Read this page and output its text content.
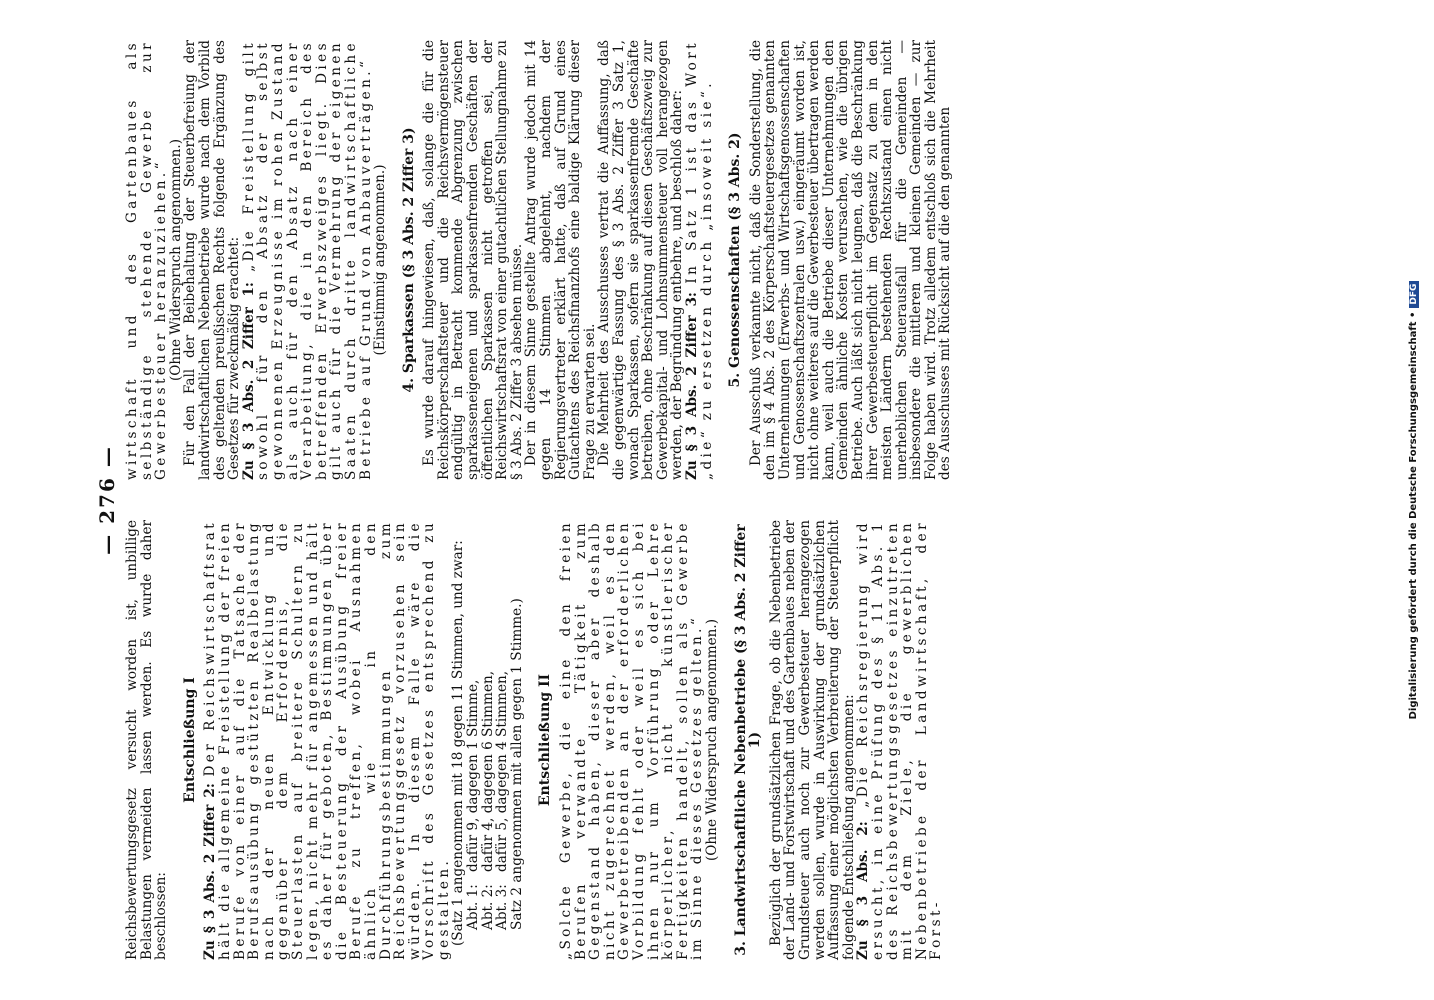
— 276 —

Reichsbewertungsgesetz versucht worden ist, unbillige Belastungen vermeiden lassen werden. Es wurde daher beschlossen:

Entschließung I

Zu § 3 Abs. 2 Ziffer 2: Der Reichswirtschaftsrat hält die allgemeine Freistellung der freien Berufe von einer auf die Tatsache der Berufsausübung gestützten Realbelastung nach der neuen Entwicklung und gegenüber dem Erfordernis, die Steuerlasten auf breitere Schultern zu legen, nicht mehr für angemessen und hält es daher für geboten, Bestimmungen über die Besteuerung der Ausübung freier Berufe zu treffen, wobei Ausnahmen ähnlich wie in den Durchführungsbestimmungen zum Reichsbewertungsgesetz vorzusehen sein würden. In diesem Falle wäre die Vorschrift des Gesetzes entsprechend zu gestalten.

(Satz 1 angenommen mit 18 gegen 11 Stimmen, und zwar:

Abt. 1:
dafür 9, dagegen 1 Stimme,
Abt. 2:
dafür 4, dagegen 6 Stimmen,
Abt. 3:
dafür 5, dagegen 4 Stimmen,
Satz 2 angenommen mit allen gegen 1 Stimme.) Entschließung II „Solche Gewerbe, die eine den freien Berufen verwandte Tätigkeit zum Gegenstand haben, dieser aber deshalb nicht zugerechnet werden, weil es den Gewerbetreibenden an der erforderlichen Vorbildung fehlt oder weil es sich bei ihnen nur um Vorführung oder Lehre körperlicher, nicht künstlerischer Fertigkeiten handelt, sollen als Gewerbe im Sinne dieses Gesetzes gelten.“

(Ohne Widerspruch angenommen.) 3. Landwirtschaftliche Nebenbetriebe (§ 3 Abs. 2 Ziffer 1) Bezüglich der grundsätzlichen Frage, ob die Nebenbetriebe der Land- und Forstwirtschaft und des Gartenbaues neben der Grundsteuer auch noch zur Gewerbesteuer herangezogen werden sollen, wurde in Auswirkung der grundsätzlichen Auffassung einer möglichsten Verbreiterung der Steuerpflicht folgende Entschließung angenommen:

Zu § 3 Abs. 2: „Die Reichsregierung wird ersucht, in eine Prüfung des § 11 Abs. 1 des Reichsbewertungsgesetzes einzutreten mit dem Ziele, die gewerblichen Nebenbetriebe der Landwirtschaft, der Forst-

wirtschaft und des Gartenbaues als selbständige stehende Gewerbe zur Gewerbesteuer heranzuziehen.“

(Ohne Widerspruch angenommen.)

Für den Fall der Beibehaltung der Steuerbefreiung der landwirtschaftlichen Nebenbetriebe wurde nach dem Vorbild des geltenden preußischen Rechts folgende Ergänzung des Gesetzes für zweckmäßig erachtet:

Zu § 3 Abs. 2 Ziffer 1: „Die Freistellung gilt sowohl für den Absatz der selbst gewonnenen Erzeugnisse im rohen Zustand als auch für den Absatz nach einer Verarbeitung, die in den Bereich des betreffenden Erwerbszweiges liegt. Dies gilt auch für die Vermehrung der eigenen Saaten durch dritte landwirtschaftliche Betriebe auf Grund von Anbauverträgen.“

(Einstimmig angenommen.) 4. Sparkassen (§ 3 Abs. 2 Ziffer 3) Es wurde darauf hingewiesen, daß, solange die für die Reichskörperschaftsteuer und die Reichsvermögensteuer endgültig in Betracht kommende Abgrenzung zwischen sparkasseneigenen und sparkassenfremden Geschäften der öffentlichen Sparkassen nicht getroffen sei, der Reichswirtschaftsrat von einer gutachtlichen Stellungnahme zu § 3 Abs. 2 Ziffer 3 absehen müsse.

Der in diesem Sinne gestellte Antrag wurde jedoch mit 14 gegen 14 Stimmen abgelehnt, nachdem der Regierungsvertreter erklärt hatte, daß auf Grund eines Gutachtens des Reichsfinanzhofs eine baldige Klärung dieser Frage zu erwarten sei.

Die Mehrheit des Ausschusses vertrat die Auffassung, daß die gegenwärtige Fassung des § 3 Abs. 2 Ziffer 3 Satz 1, wonach Sparkassen, sofern sie sparkassenfremde Geschäfte betreiben, ohne Beschränkung auf diesen Geschäftszweig zur Gewerbekapital- und Lohnsummensteuer voll herangezogen werden, der Begründung entbehre, und beschloß daher:

Zu § 3 Abs. 2 Ziffer 3: In Satz 1 ist das Wort „die“ zu ersetzen durch „insoweit sie“. 5. Genossenschaften (§ 3 Abs. 2) Der Ausschuß verkannte nicht, daß die Sonderstellung, die den im § 4 Abs. 2 des Körperschaftsteuergesetzes genannten Unternehmungen (Erwerbs- und Wirtschaftsgenossenschaften und Genossenschaftszentralen usw.) eingeräumt worden ist, nicht ohne weiteres auf die Gewerbesteuer übertragen werden kann, weil auch die Betriebe dieser Unternehmungen den Gemeinden ähnliche Kosten verursachen, wie die übrigen Betriebe. Auch läßt sich nicht leugnen, daß die Beschränkung ihrer Gewerbesteuerpflicht im Gegensatz zu dem in den meisten Ländern bestehenden Rechtszustand einen nicht unerheblichen Steuerausfall für die Gemeinden — insbesondere die mittleren und kleinen Gemeinden — zur Folge haben wird. Trotz alledem entschloß sich die Mehrheit des Ausschusses mit Rücksicht auf die den genannten

Digitalisierung gefördert durch die Deutsche Forschungsgemeinschaft •DFG
